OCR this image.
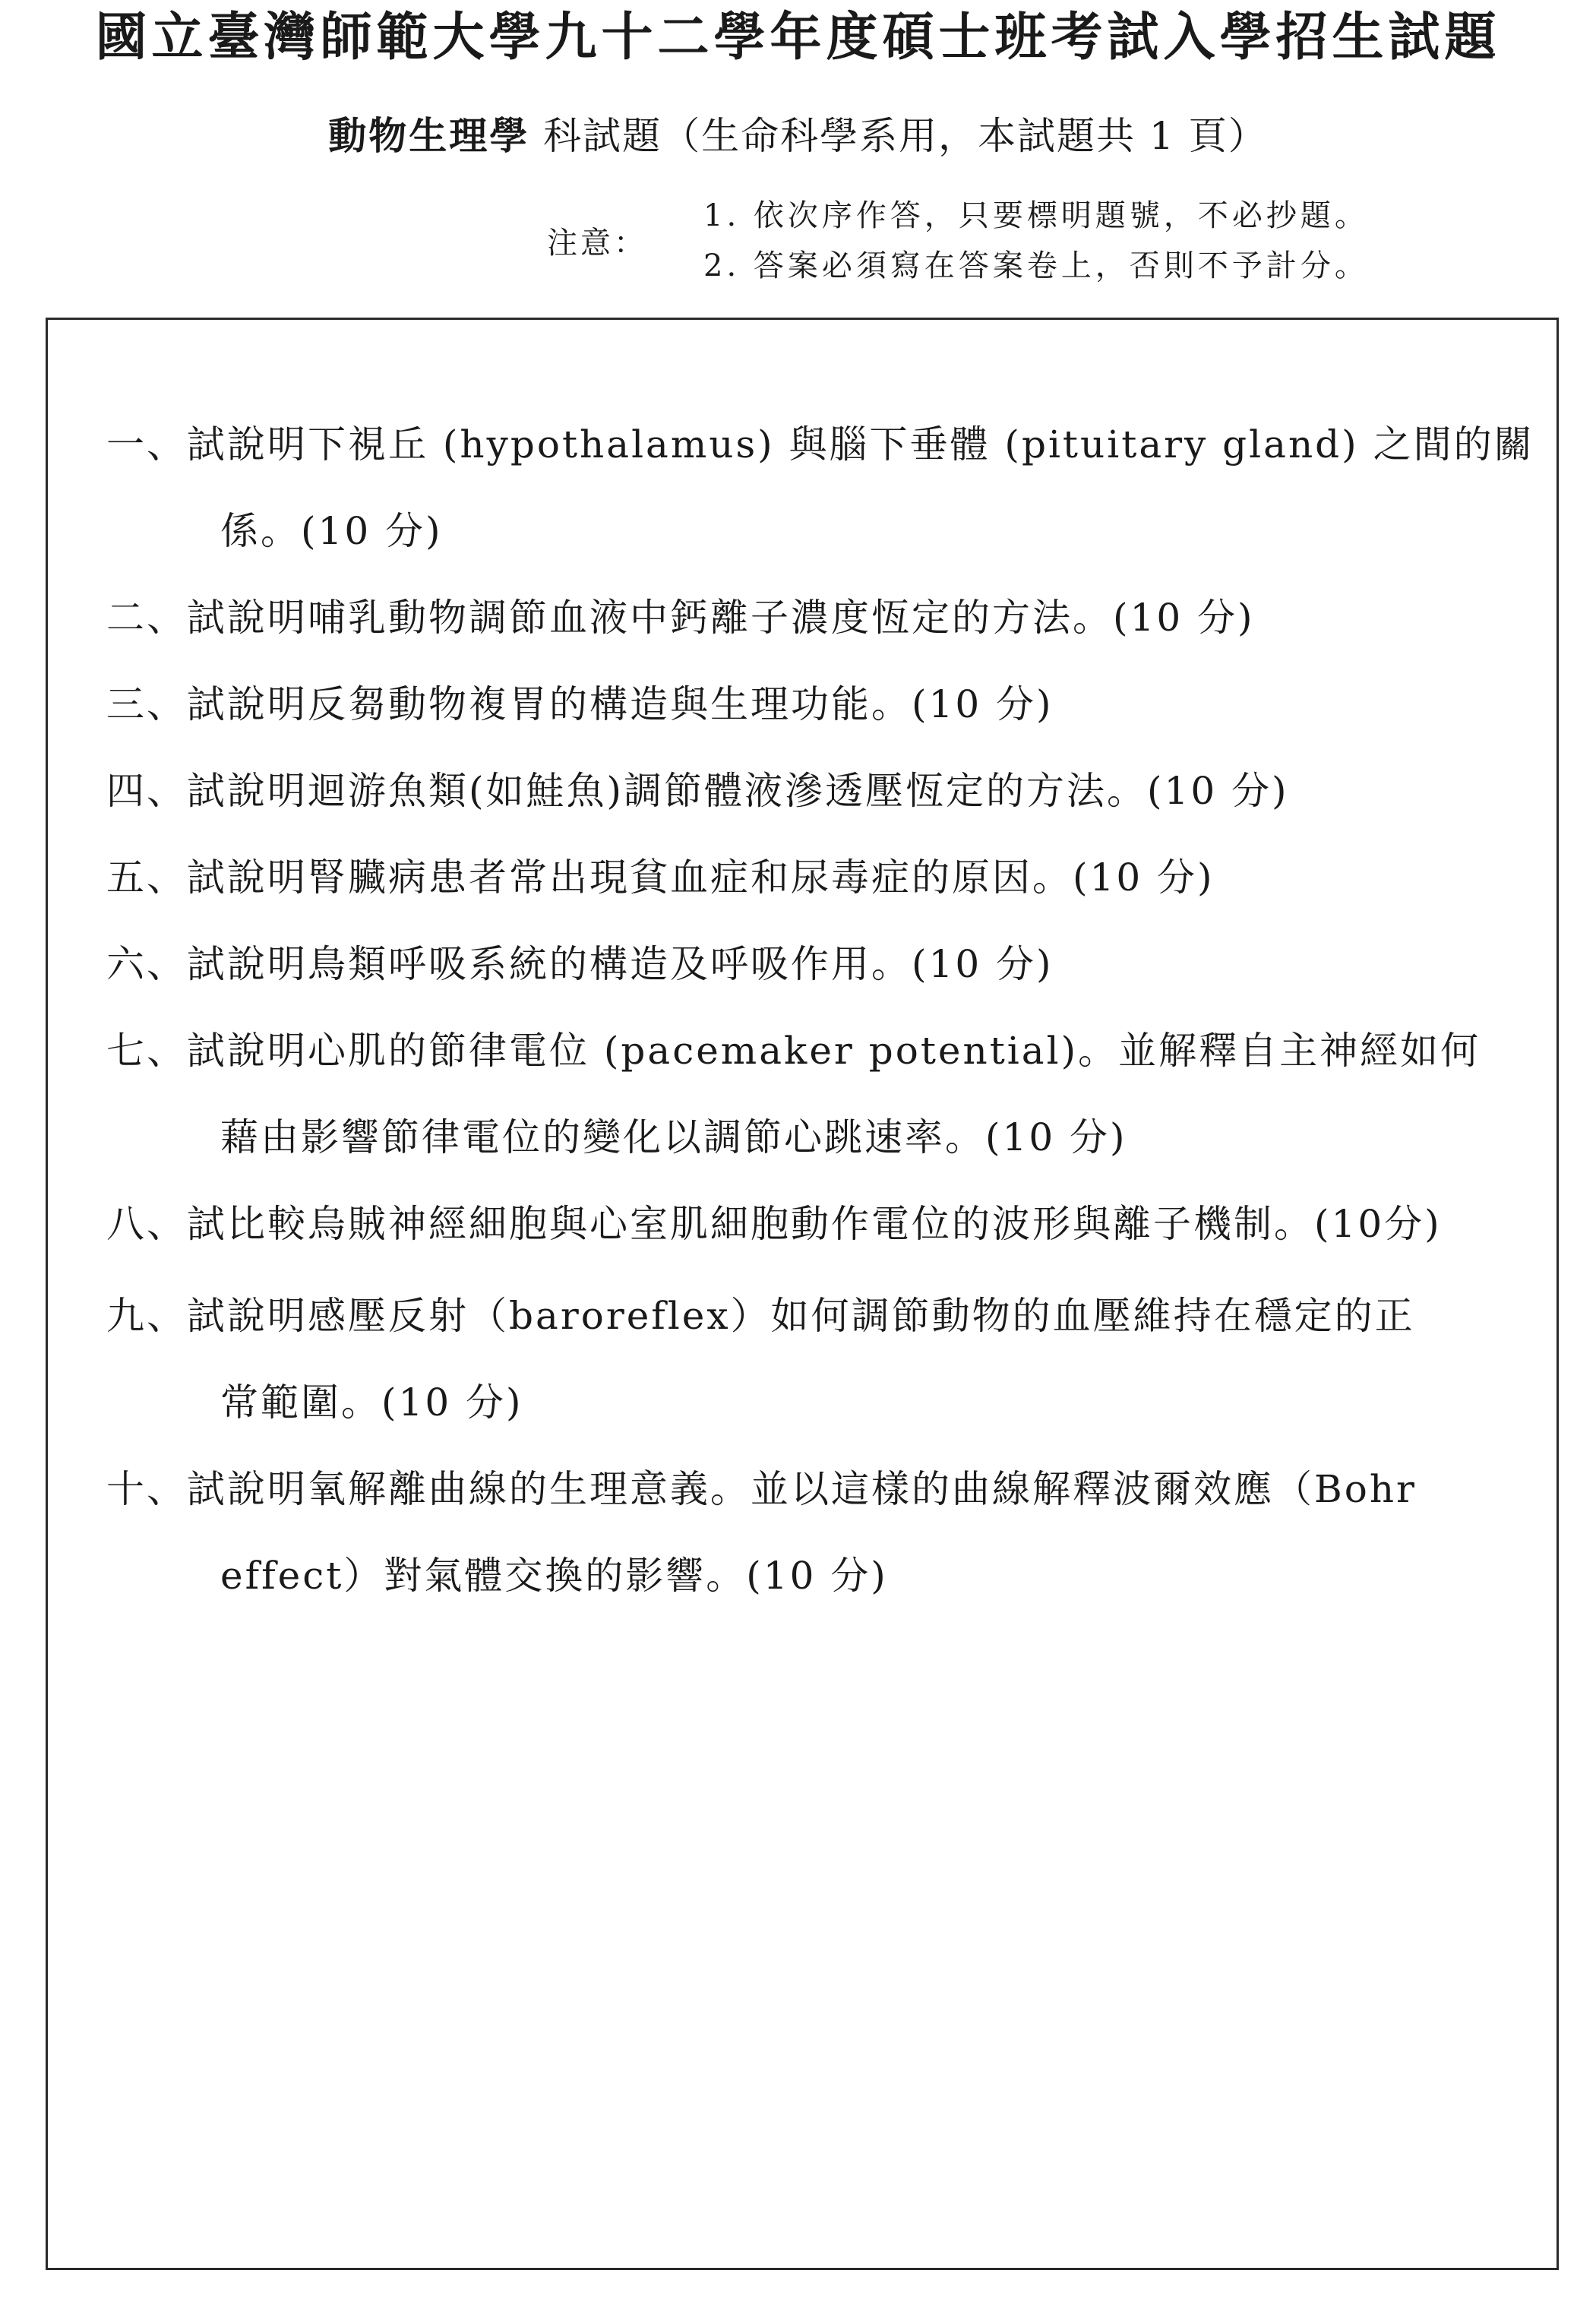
國立臺灣師範大學九十二學年度碩士班考試入學招生試題
動物生理學 科試題（生命科學系用，本試題共 1 頁）
注意：
1. 依次序作答，只要標明題號，不必抄題。
2. 答案必須寫在答案卷上，否則不予計分。
一、試說明下視丘 (hypothalamus) 與腦下垂體 (pituitary gland) 之間的關
係。(10 分)
二、試說明哺乳動物調節血液中鈣離子濃度恆定的方法。(10 分)
三、試說明反芻動物複胃的構造與生理功能。(10 分)
四、試說明迴游魚類(如鮭魚)調節體液滲透壓恆定的方法。(10 分)
五、試說明腎臟病患者常出現貧血症和尿毒症的原因。(10 分)
六、試說明鳥類呼吸系統的構造及呼吸作用。(10 分)
七、試說明心肌的節律電位 (pacemaker potential)。並解釋自主神經如何
藉由影響節律電位的變化以調節心跳速率。(10 分)
八、試比較烏賊神經細胞與心室肌細胞動作電位的波形與離子機制。(10分)
九、試說明感壓反射（baroreflex）如何調節動物的血壓維持在穩定的正
常範圍。(10 分)
十、試說明氧解離曲線的生理意義。並以這樣的曲線解釋波爾效應（Bohr
effect）對氣體交換的影響。(10 分)
